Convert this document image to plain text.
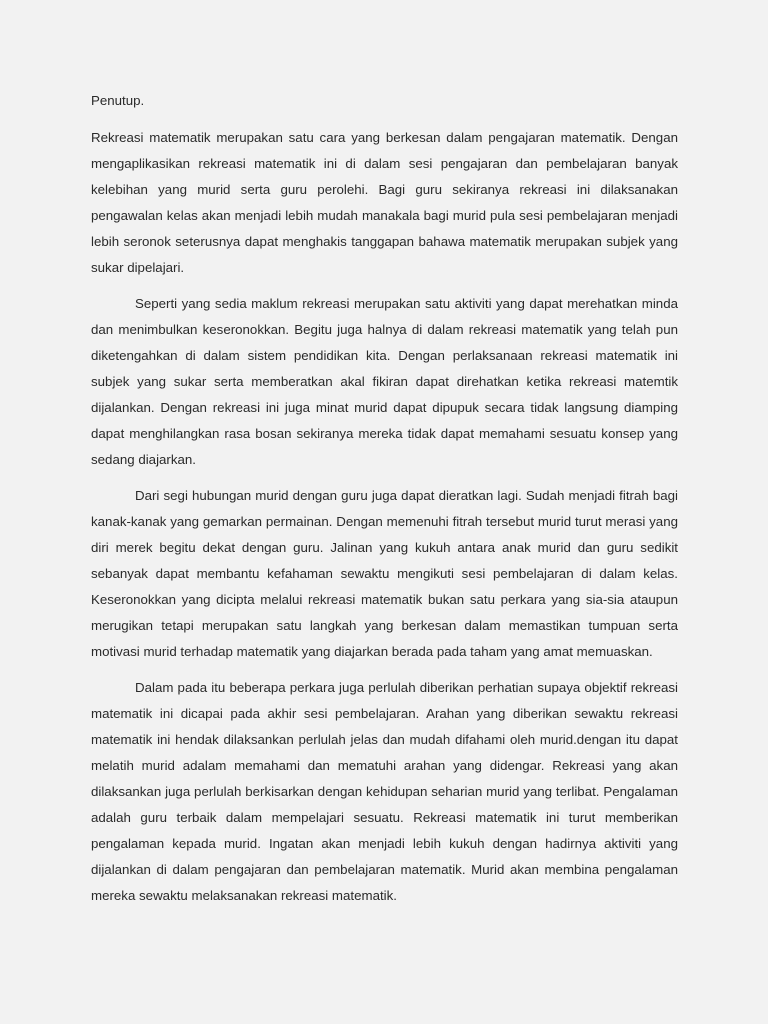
Penutup.

Rekreasi matematik merupakan satu cara yang berkesan dalam pengajaran matematik. Dengan mengaplikasikan rekreasi matematik ini di dalam sesi pengajaran dan pembelajaran banyak kelebihan yang murid serta guru perolehi. Bagi guru sekiranya rekreasi ini dilaksanakan pengawalan kelas akan menjadi lebih mudah manakala bagi murid pula sesi pembelajaran menjadi lebih seronok seterusnya dapat menghakis tanggapan bahawa matematik merupakan subjek yang sukar dipelajari.

Seperti yang sedia maklum rekreasi merupakan satu aktiviti yang dapat merehatkan minda dan menimbulkan keseronokkan. Begitu juga halnya di dalam rekreasi matematik yang telah pun diketengahkan di dalam sistem pendidikan kita. Dengan perlaksanaan rekreasi matematik ini subjek yang sukar serta memberatkan akal fikiran dapat direhatkan ketika rekreasi matemtik dijalankan. Dengan rekreasi ini juga minat murid dapat dipupuk secara tidak langsung diamping dapat menghilangkan rasa bosan sekiranya mereka tidak dapat memahami sesuatu konsep yang sedang diajarkan.

Dari segi hubungan murid dengan guru juga dapat dieratkan lagi. Sudah menjadi fitrah bagi kanak-kanak yang gemarkan permainan. Dengan memenuhi fitrah tersebut murid turut merasi yang diri merek begitu dekat dengan guru. Jalinan yang kukuh antara anak murid dan guru sedikit sebanyak dapat membantu kefahaman sewaktu mengikuti sesi pembelajaran di dalam kelas. Keseronokkan yang dicipta melalui rekreasi matematik bukan satu perkara yang sia-sia ataupun merugikan tetapi merupakan satu langkah yang berkesan dalam memastikan tumpuan serta motivasi murid terhadap matematik yang diajarkan berada pada taham yang amat memuaskan.

Dalam pada itu beberapa perkara juga perlulah diberikan perhatian supaya objektif rekreasi matematik ini dicapai pada akhir sesi pembelajaran. Arahan yang diberikan sewaktu rekreasi matematik ini hendak dilaksankan perlulah jelas dan mudah difahami oleh murid.dengan itu dapat melatih murid adalam memahami dan mematuhi arahan yang didengar. Rekreasi yang akan dilaksankan juga perlulah berkisarkan dengan kehidupan seharian murid yang terlibat. Pengalaman adalah guru terbaik dalam mempelajari sesuatu. Rekreasi matematik ini turut memberikan pengalaman kepada murid. Ingatan akan menjadi lebih kukuh dengan hadirnya aktiviti yang dijalankan di dalam pengajaran dan pembelajaran matematik. Murid akan membina pengalaman mereka sewaktu melaksanakan rekreasi matematik.
